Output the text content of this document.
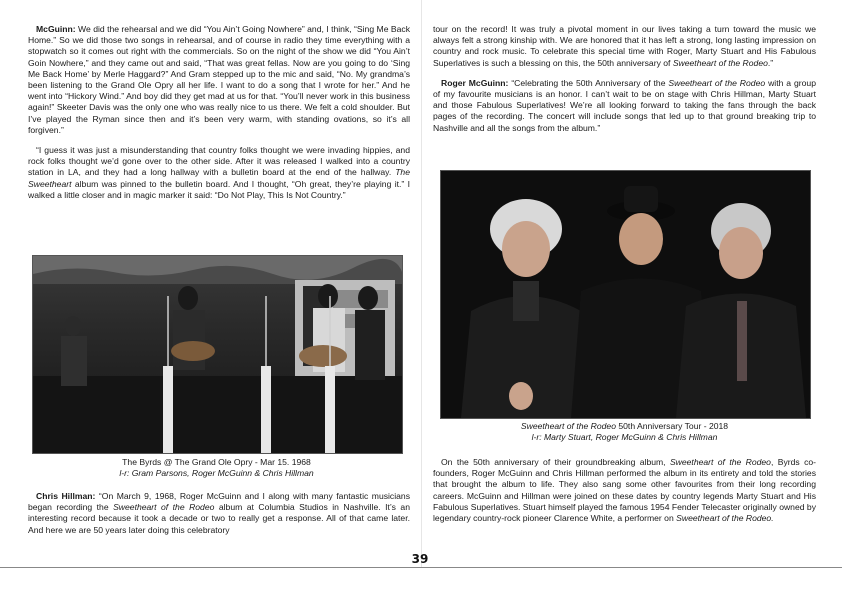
McGuinn: We did the rehearsal and we did “You Ain’t Going Nowhere” and, I think, “Sing Me Back Home.” So we did those two songs in rehearsal, and of course in radio they time everything with a stopwatch so it comes out right with the commercials. So on the night of the show we did “You Ain’t Goin Nowhere,” and they came out and said, “That was great fellas. Now are you going to do ‘Sing Me Back Home’ by Merle Haggard?” And Gram stepped up to the mic and said, “No. My grandma’s been listening to the Grand Ole Opry all her life. I want to do a song that I wrote for her.” And he went into “Hickory Wind.” And boy did they get mad at us for that. “You’ll never work in this business again!” Skeeter Davis was the only one who was really nice to us there. We felt a cold shoulder. But I’ve played the Ryman since then and it’s been very warm, with standing ovations, so it’s all forgiven.”

“I guess it was just a misunderstanding that country folks thought we were invading hippies, and rock folks thought we’d gone over to the other side. After it was released I walked into a country station in LA, and they had a long hallway with a bulletin board at the end of the hallway. The Sweetheart album was pinned to the bulletin board. And I thought, “Oh great, they’re playing it.” I walked a little closer and in magic marker it said: “Do Not Play, This Is Not Country.”

The Byrds @ The Grand Ole Opry - Mar 15. 1968
l-r: Gram Parsons, Roger McGuinn & Chris Hillman

Chris Hillman: “On March 9, 1968, Roger McGuinn and I along with many fantastic musicians began recording the Sweetheart of the Rodeo album at Columbia Studios in Nashville. It’s an interesting record because it took a decade or two to really get a response. All of that came later. And here we are 50 years later doing this celebratory

tour on the record! It was truly a pivotal moment in our lives taking a turn toward the music we always felt a strong kinship with. We are honored that it has left a strong, long lasting impression on country and rock music. To celebrate this special time with Roger, Marty Stuart and His Fabulous Superlatives is such a blessing on this, the 50th anniversary of Sweetheart of the Rodeo.”

Roger McGuinn: “Celebrating the 50th Anniversary of the Sweetheart of the Rodeo with a group of my favourite musicians is an honor. I can’t wait to be on stage with Chris Hillman, Marty Stuart and those Fabulous Superlatives! We’re all looking forward to taking the fans through the back pages of the recording. The concert will include songs that led up to that ground breaking trip to Nashville and all the songs from the album.”

Sweetheart of the Rodeo 50th Anniversary Tour - 2018
l-r: Marty Stuart, Roger McGuinn & Chris Hillman

On the 50th anniversary of their groundbreaking album, Sweetheart of the Rodeo, Byrds co-founders, Roger McGuinn and Chris Hillman performed the album in its entirety and told the stories that brought the album to life. They also sang some other favourites from their long recording careers. McGuinn and Hillman were joined on these dates by country legends Marty Stuart and His Fabulous Superlatives. Stuart himself played the famous 1954 Fender Telecaster originally owned by legendary country-rock pioneer Clarence White, a performer on Sweetheart of the Rodeo.

39
